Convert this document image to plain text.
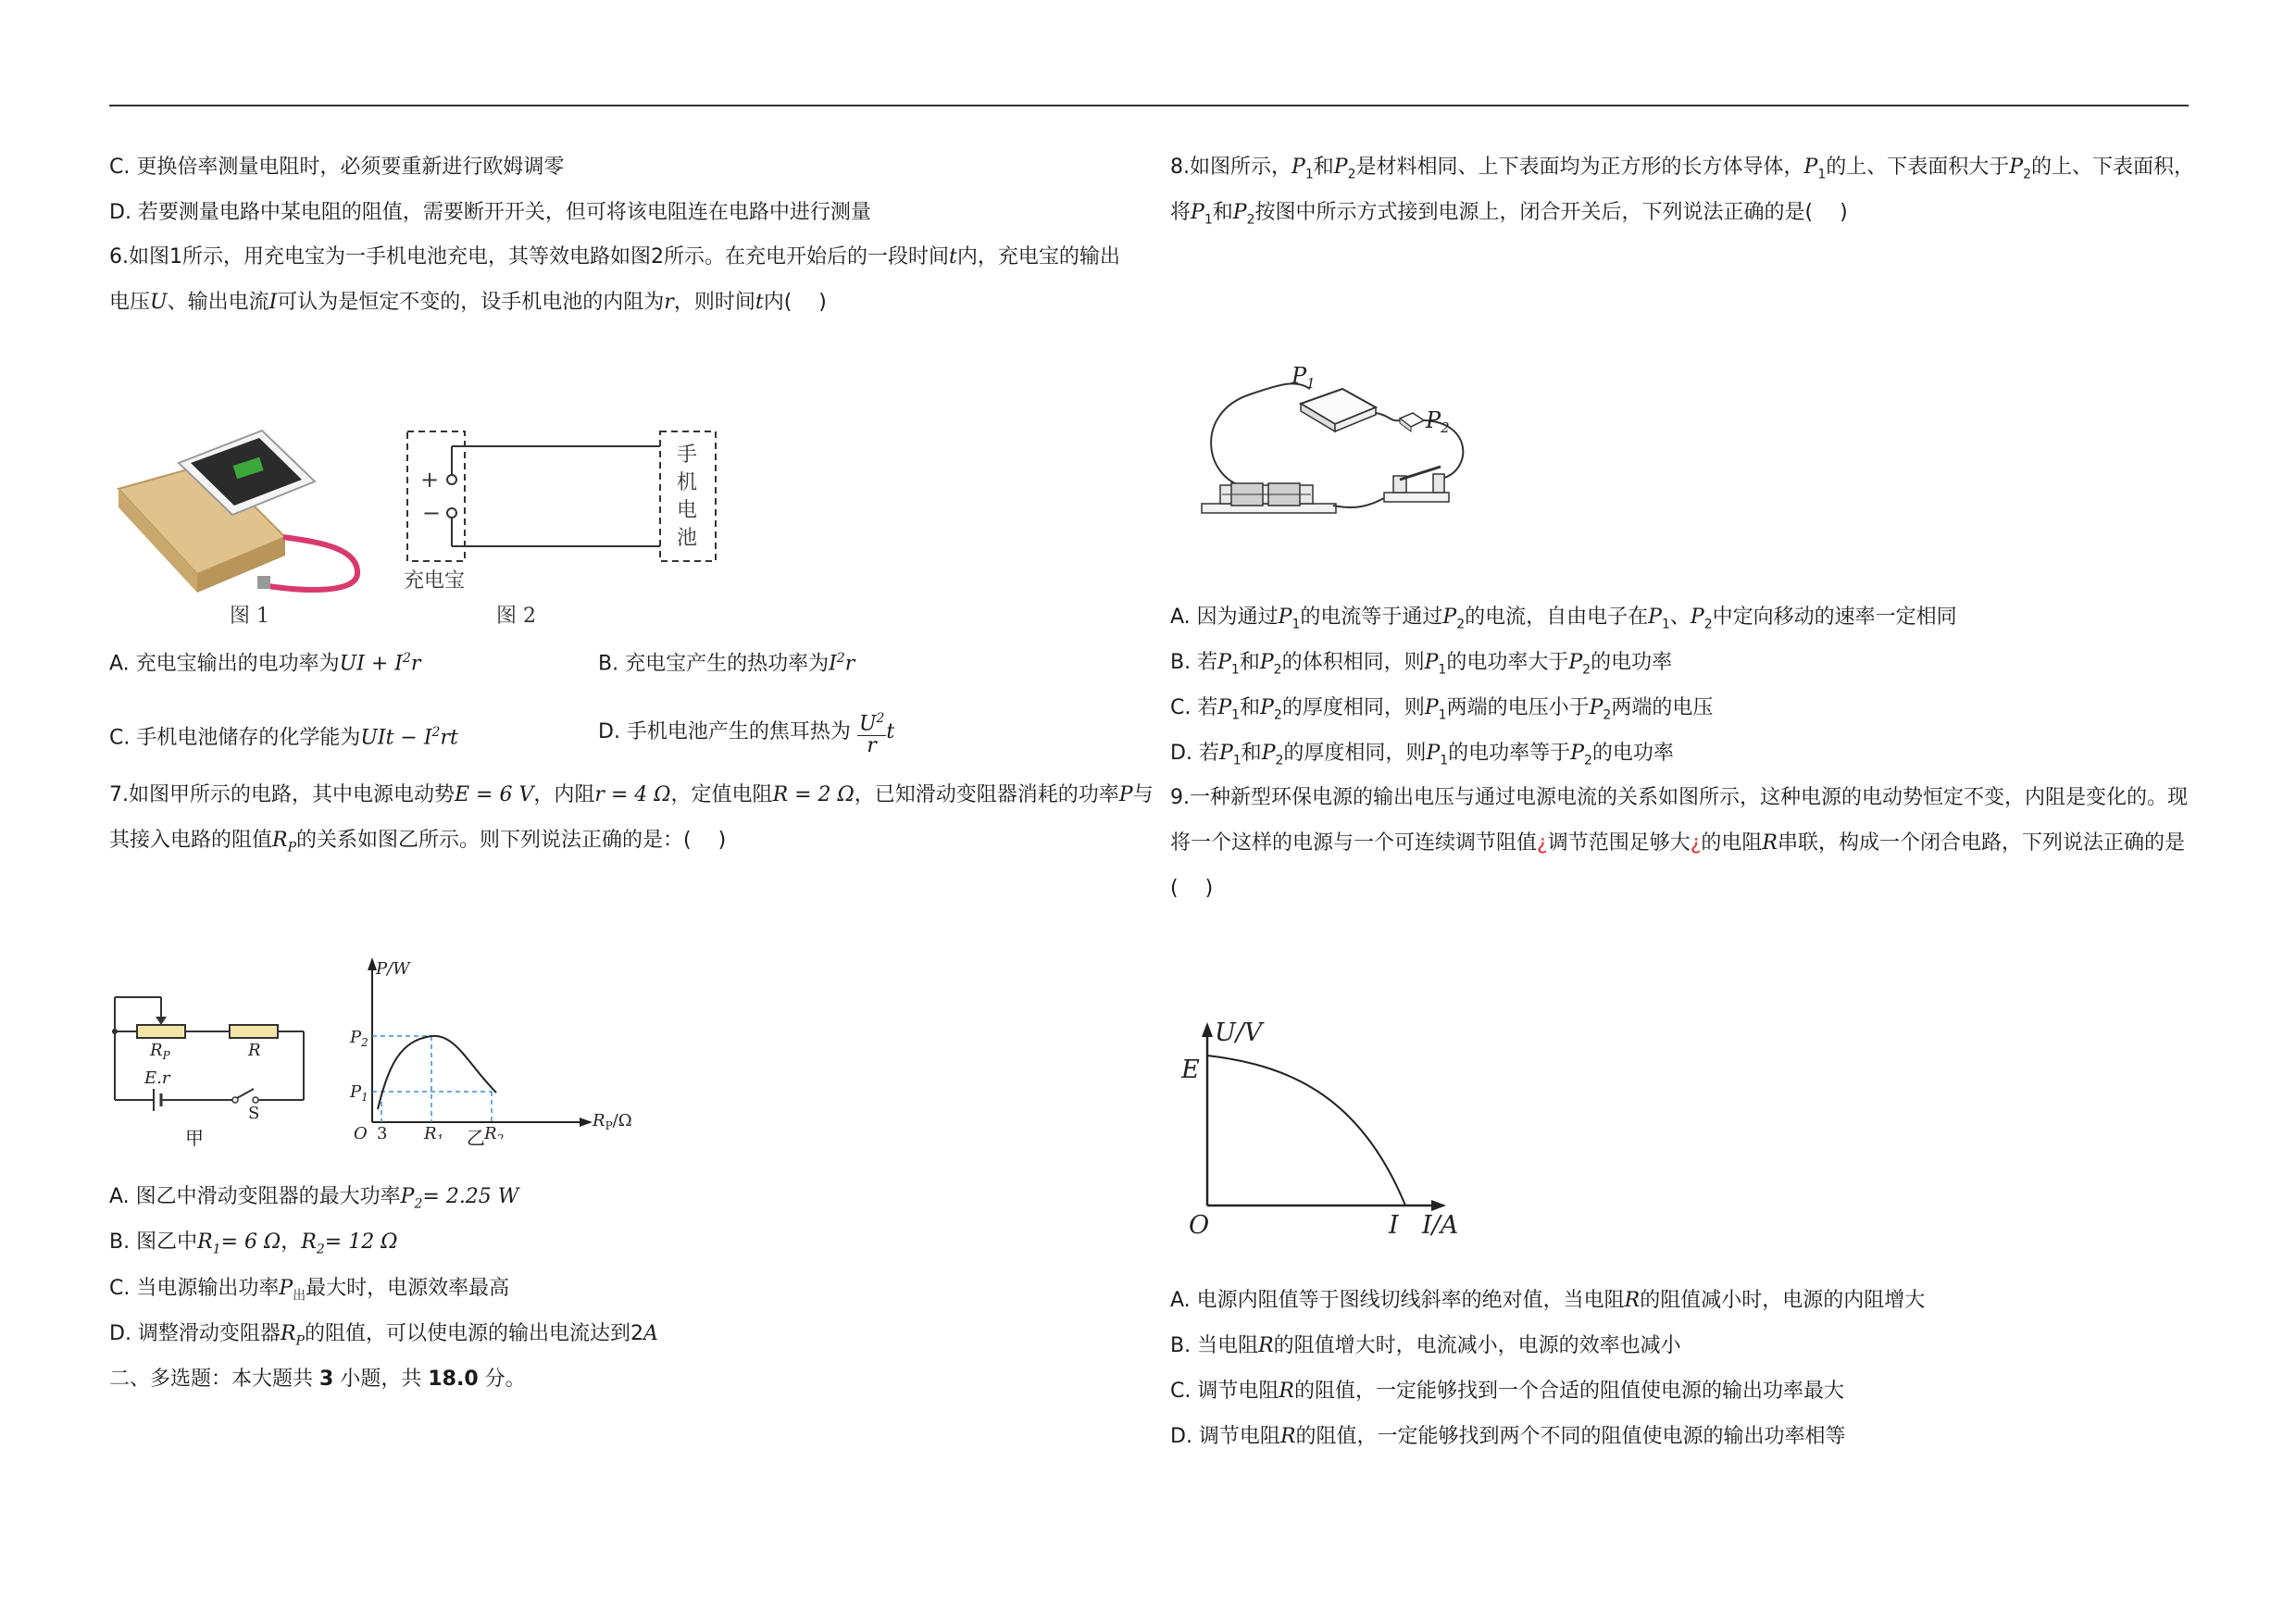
C. 更换倍率测量电阻时，必须要重新进行欧姆调零
D. 若要测量电路中某电阻的阻值，需要断开开关，但可将该电阻连在电路中进行测量
6.如图1所示，用充电宝为一手机电池充电，其等效电路如图2所示。在充电开始后的一段时间t内，充电宝的输出
电压U、输出电流I可认为是恒定不变的，设手机电池的内阻为r，则时间t内(　 )
图 1
+
−
手
机
电
池
充电宝
图 2
A. 充电宝输出的电功率为UI + $I^2r$	B. 充电宝产生的热功率为$I^2r$
C. 手机电池储存的化学能为UIt − $I^2rt$	D. 手机电池产生的焦耳热为 $\frac{U^2}{r}$ t
7.如图甲所示的电路，其中电源电动势E = 6 V，内阻r = 4 Ω，定值电阻R = 2 Ω，已知滑动变阻器消耗的功率P与
其接入电路的阻值$R_P$的关系如图乙所示。则下列说法正确的是：(　 )
$R_P$	R
E.r
S
甲
P/W
$P_2$
$P_1$
O 3 $R_1$ $R_2$
$R_P/\Omega$
乙
A. 图乙中滑动变阻器的最大功率$P_2= 2.25$ W
B. 图乙中$R_1= 6$ Ω，$R_2= 12$ Ω
C. 当电源输出功率$P_出$最大时，电源效率最高
D. 调整滑动变阻器$R_P$的阻值，可以使电源的输出电流达到2A
二、多选题：本大题共 3 小题，共 18.0 分。
8.如图所示，$P_1$和$P_2$是材料相同、上下表面均为正方形的长方体导体，$P_1$的上、下表面积大于$P_2$的上、下表面积，
将$P_1$和$P_2$按图中所示方式接到电源上，闭合开关后，下列说法正确的是(　 )
$P_1$
$P_2$
A. 因为通过$P_1$的电流等于通过$P_2$的电流，自由电子在$P_1$、$P_2$中定向移动的速率一定相同
B. 若$P_1$和$P_2$的体积相同，则$P_1$的电功率大于$P_2$的电功率
C. 若$P_1$和$P_2$的厚度相同，则$P_1$两端的电压小于$P_2$两端的电压
D. 若$P_1$和$P_2$的厚度相同，则$P_1$的电功率等于$P_2$的电功率
9.一种新型环保电源的输出电压与通过电源电流的关系如图所示，这种电源的电动势恒定不变，内阻是变化的。现
将一个这样的电源与一个可连续调节阻值¿调节范围足够大¿的电阻R串联，构成一个闭合电路，下列说法正确的是
(　 )
U/V
E
O	I I/A
A. 电源内阻值等于图线切线斜率的绝对值，当电阻R的阻值减小时，电源的内阻增大
B. 当电阻R的阻值增大时，电流减小，电源的效率也减小
C. 调节电阻R的阻值，一定能够找到一个合适的阻值使电源的输出功率最大
D. 调节电阻R的阻值，一定能够找到两个不同的阻值使电源的输出功率相等
